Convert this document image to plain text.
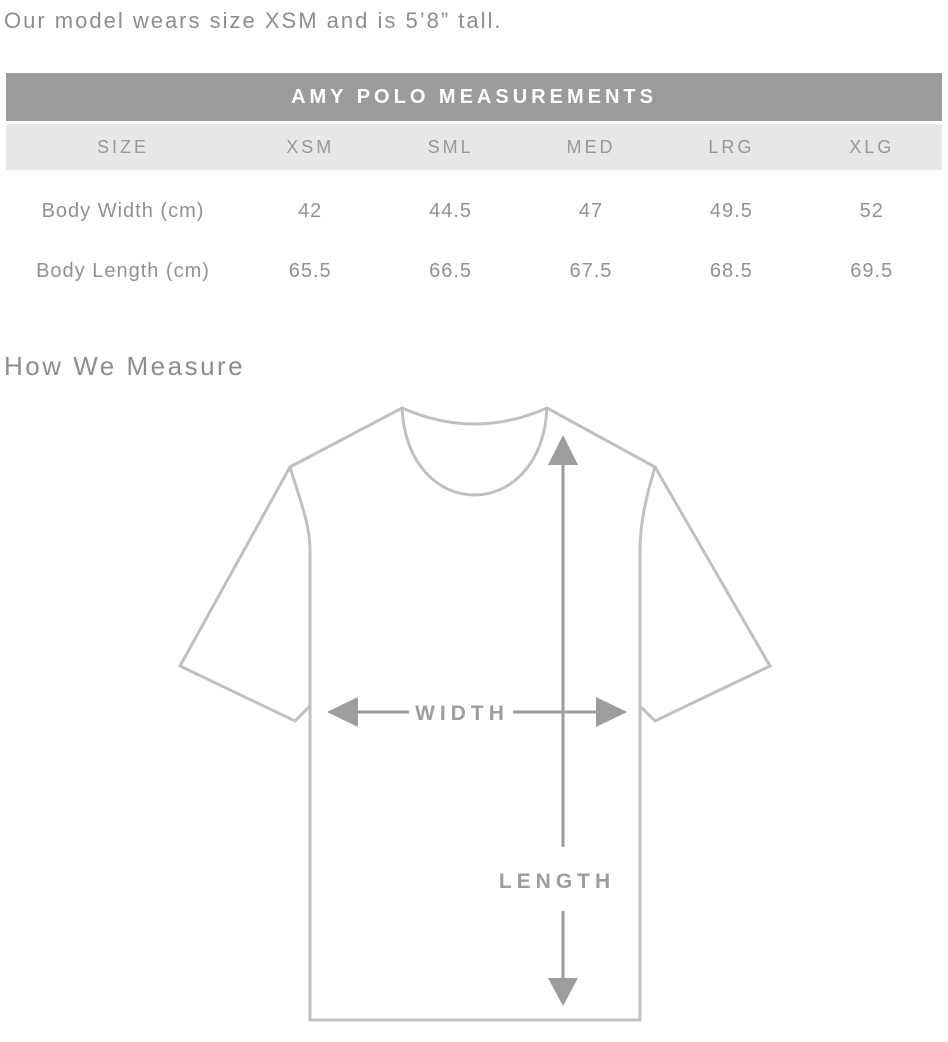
Our model wears size XSM and is 5’8” tall.

AMY POLO MEASUREMENTS
SIZE	XSM	SML	MED	LRG	XLG
Body Width (cm)	42	44.5	47	49.5	52
Body Length (cm)	65.5	66.5	67.5	68.5	69.5
How We Measure
WIDTH
LENGTH
